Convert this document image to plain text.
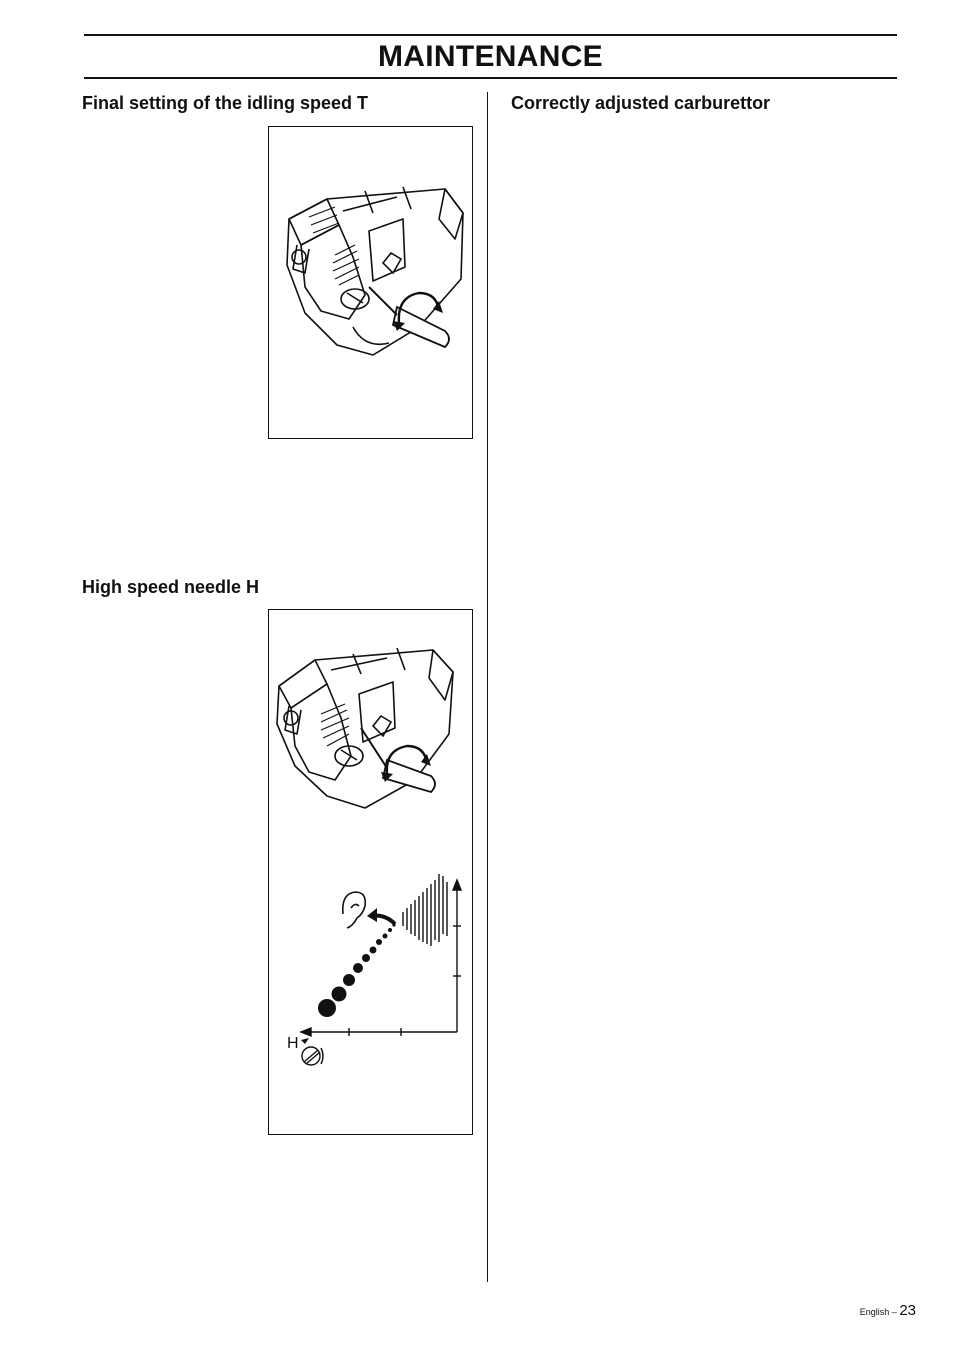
MAINTENANCE
Final setting of the idling speed T
High speed needle H
H
Correctly adjusted carburettor
English – 23
